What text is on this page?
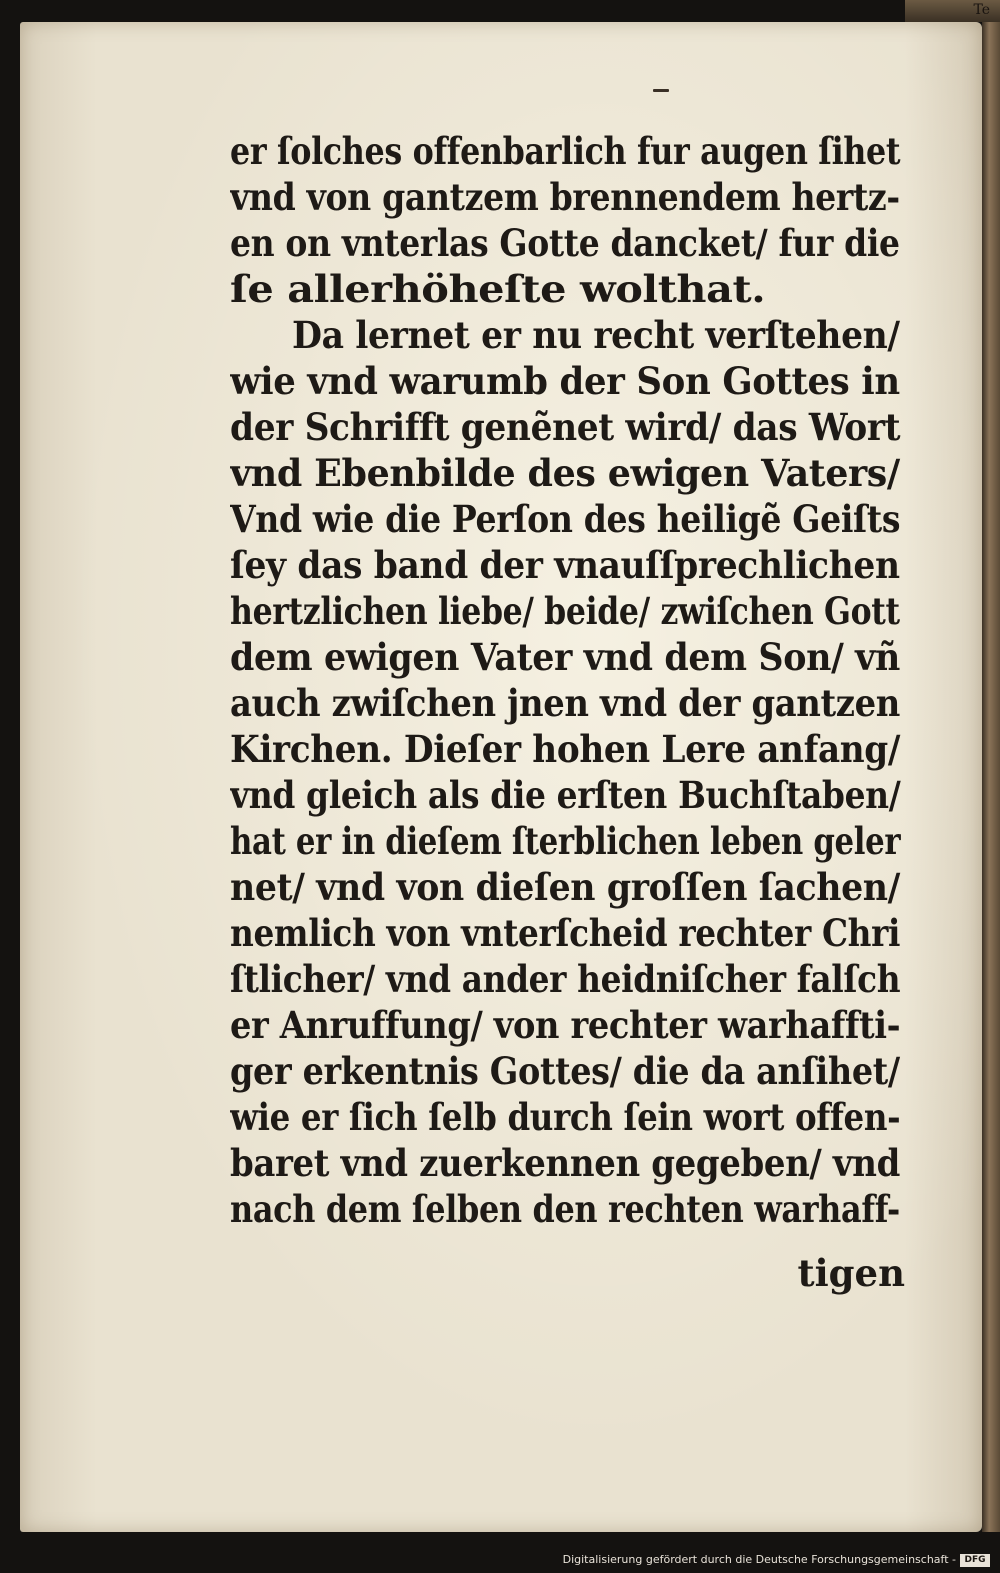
Te
er ſolches offenbarlich fur augen ſihet
vnd von gantzem brennendem hertz-
en on vnterlas Gotte dancket/ fur die
ſe allerhöheſte wolthat.
Da lernet er nu recht verſtehen/
wie vnd warumb der Son Gottes in
der Schrifft genẽnet wird/ das Wort
vnd Ebenbilde des ewigen Vaters/
Vnd wie die Perſon des heiligẽ Geiſts
ſey das band der vnauſſprechlichen
hertzlichen liebe/ beide/ zwiſchen Gott
dem ewigen Vater vnd dem Son/ vñ
auch zwiſchen jnen vnd der gantzen
Kirchen. Dieſer hohen Lere anfang/
vnd gleich als die erſten Buchſtaben/
hat er in dieſem ſterblichen leben geler
net/ vnd von dieſen groſſen ſachen/
nemlich von vnterſcheid rechter Chri
ſtlicher/ vnd ander heidniſcher falſch
er Anruffung/ von rechter warhaffti-
ger erkentnis Gottes/ die da anſihet/
wie er ſich ſelb durch ſein wort offen-
baret vnd zuerkennen gegeben/ vnd
nach dem ſelben den rechten warhaff-
tigen
Digitalisierung gefördert durch die Deutsche Forschungsgemeinschaft - DFG
